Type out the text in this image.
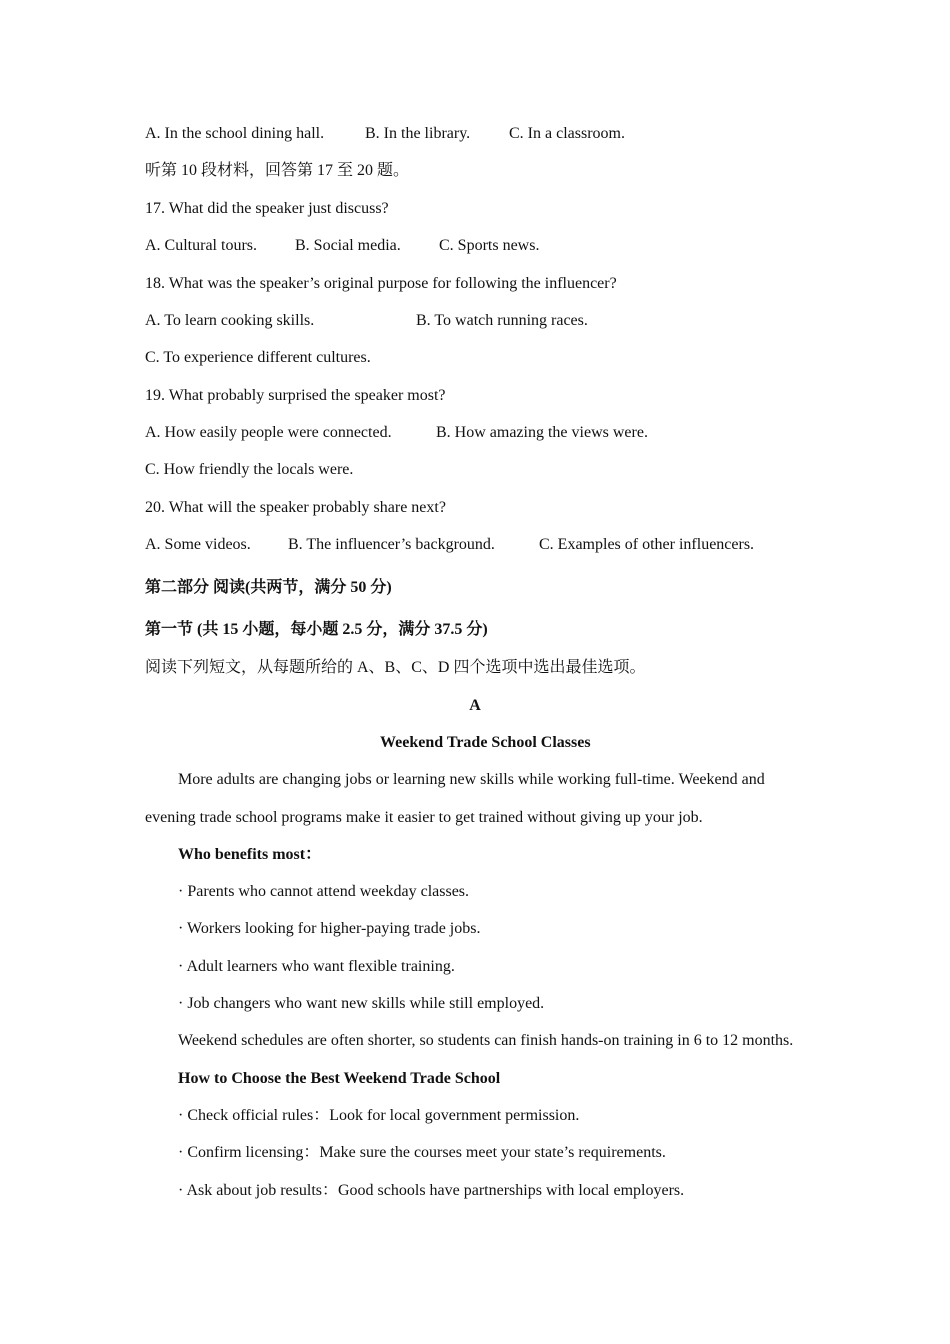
A. In the school dining hall.	B. In the library. C. In a classroom.
听第 10 段材料，回答第 17 至 20 题。
17. What did the speaker just discuss?
A. Cultural tours. B. Social media. C. Sports news.
18. What was the speaker’s original purpose for following the influencer?
A. To learn cooking skills.	B. To watch running races.
C. To experience different cultures.
19. What probably surprised the speaker most?
A. How easily people were connected.	B. How amazing the views were.
C. How friendly the locals were.
20. What will the speaker probably share next?
A. Some videos. B. The influencer’s background.	C. Examples of other influencers.
第二部分 阅读(共两节，满分 50 分)
第一节 (共 15 小题，每小题 2.5 分，满分 37.5 分)
阅读下列短文，从每题所给的 A、B、C、D 四个选项中选出最佳选项。
A
Weekend Trade School Classes
More adults are changing jobs or learning new skills while working full-time. Weekend and
evening trade school programs make it easier to get trained without giving up your job.
Who benefits most：
· Parents who cannot attend weekday classes.
· Workers looking for higher-paying trade jobs.
· Adult learners who want flexible training.
· Job changers who want new skills while still employed.
Weekend schedules are often shorter, so students can finish hands-on training in 6 to 12 months.
How to Choose the Best Weekend Trade School
· Check official rules：Look for local government permission.
· Confirm licensing：Make sure the courses meet your state’s requirements.
· Ask about job results：Good schools have partnerships with local employers.
